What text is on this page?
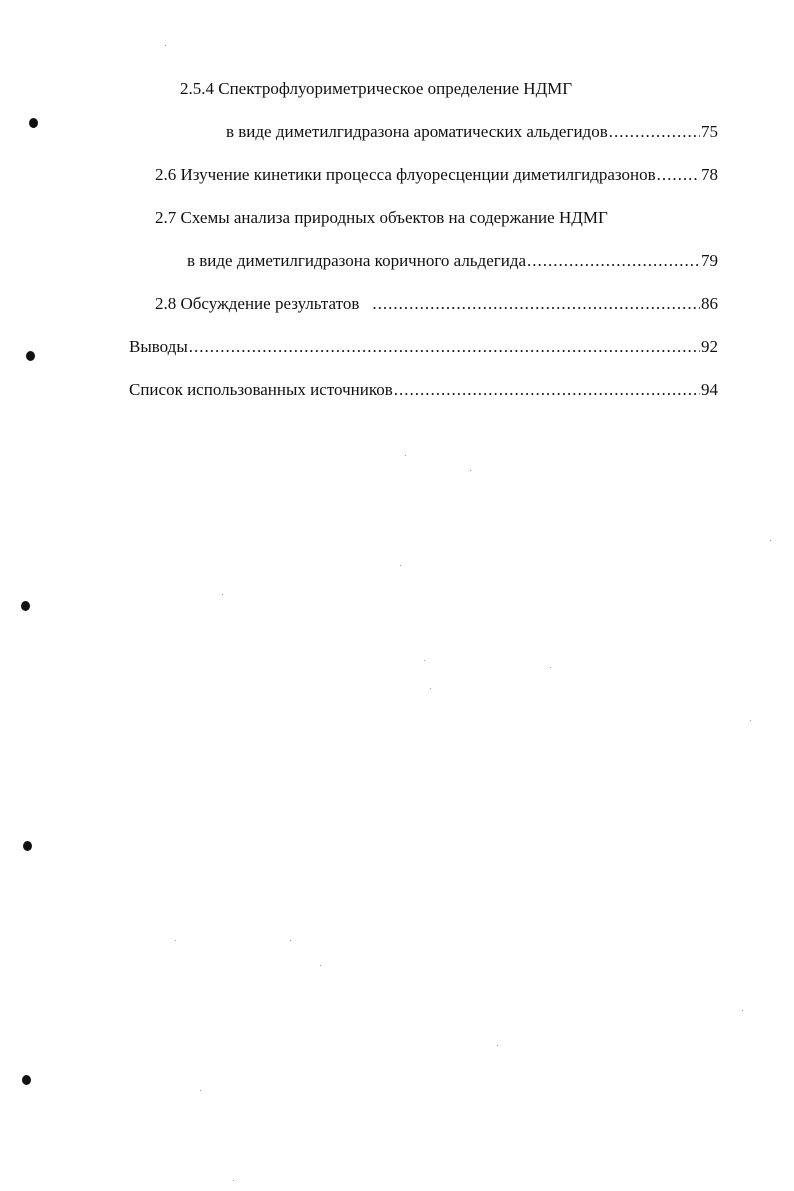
2.5.4 Спектрофлуориметрическое определение НДМГ
в виде диметилгидразона ароматических альдегидов .....	75
2.6 Изучение кинетики процесса флуоресценции диметилгидразонов .....	78
2.7 Схемы анализа природных объектов на содержание НДМГ
в виде диметилгидразона коричного альдегида .....	79
2.8 Обсуждение результатов .....	86
Выводы .....	92
Список использованных источников .....	94
